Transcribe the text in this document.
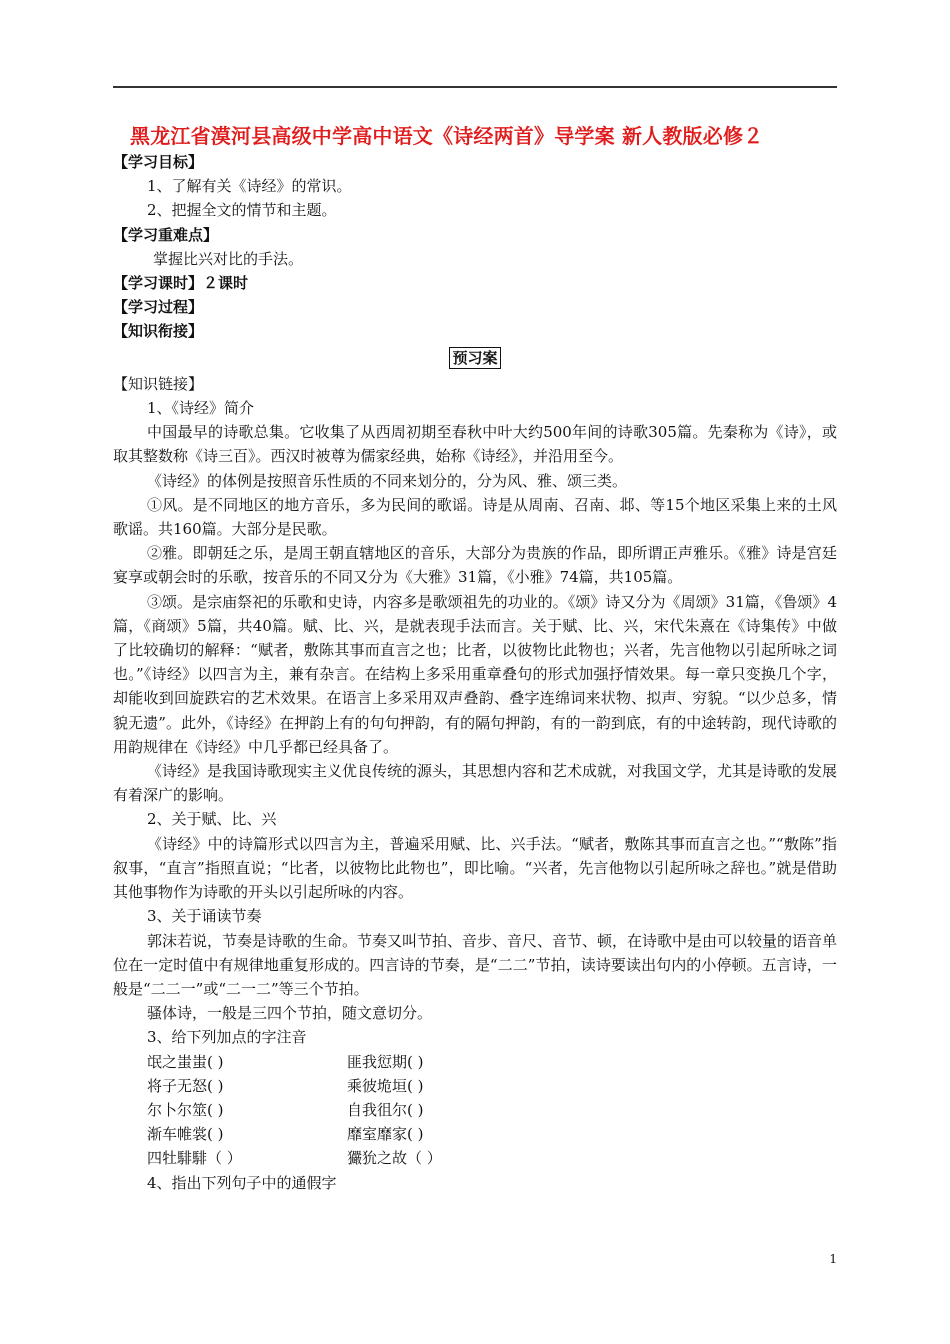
黑龙江省漠河县高级中学高中语文《诗经两首》导学案 新人教版必修２

【学习目标】

1、了解有关《诗经》的常识。

2、把握全文的情节和主题。

【学习重难点】

掌握比兴对比的手法。

【学习课时】２课时

【学习过程】

【知识衔接】

预习案

【知识链接】

1、《诗经》简介

中国最早的诗歌总集。它收集了从西周初期至春秋中叶大约500年间的诗歌305篇。先秦称为《诗》，或取其整数称《诗三百》。西汉时被尊为儒家经典，始称《诗经》，并沿用至今。

《诗经》的体例是按照音乐性质的不同来划分的，分为风、雅、颂三类。

①风。是不同地区的地方音乐，多为民间的歌谣。诗是从周南、召南、邶、等15个地区采集上来的土风歌谣。共160篇。大部分是民歌。

②雅。即朝廷之乐，是周王朝直辖地区的音乐，大部分为贵族的作品，即所谓正声雅乐。《雅》诗是宫廷宴享或朝会时的乐歌，按音乐的不同又分为《大雅》31篇，《小雅》74篇，共105篇。

③颂。是宗庙祭祀的乐歌和史诗，内容多是歌颂祖先的功业的。《颂》诗又分为《周颂》31篇，《鲁颂》4篇，《商颂》5篇，共40篇。赋、比、兴，是就表现手法而言。关于赋、比、兴，宋代朱熹在《诗集传》中做了比较确切的解释：“赋者，敷陈其事而直言之也；比者，以彼物比此物也；兴者，先言他物以引起所咏之词也。”《诗经》以四言为主，兼有杂言。在结构上多采用重章叠句的形式加强抒情效果。每一章只变换几个字，却能收到回旋跌宕的艺术效果。在语言上多采用双声叠韵、叠字连绵词来状物、拟声、穷貌。“以少总多，情貌无遗”。此外，《诗经》在押韵上有的句句押韵，有的隔句押韵，有的一韵到底，有的中途转韵，现代诗歌的用韵规律在《诗经》中几乎都已经具备了。

《诗经》是我国诗歌现实主义优良传统的源头，其思想内容和艺术成就，对我国文学，尤其是诗歌的发展有着深广的影响。

2、关于赋、比、兴

《诗经》中的诗篇形式以四言为主，普遍采用赋、比、兴手法。“赋者，敷陈其事而直言之也。”“敷陈”指叙事，“直言”指照直说；“比者，以彼物比此物也”，即比喻。“兴者，先言他物以引起所咏之辞也。”就是借助其他事物作为诗歌的开头以引起所咏的内容。

3、关于诵读节奏

郭沫若说，节奏是诗歌的生命。节奏又叫节拍、音步、音尺、音节、顿，在诗歌中是由可以较量的语音单位在一定时值中有规律地重复形成的。四言诗的节奏，是“二二”节拍，读诗要读出句内的小停顿。五言诗，一般是“二二一”或“二一二”等三个节拍。

骚体诗，一般是三四个节拍，随文意切分。

3、给下列加点的字注音

氓之蚩蚩( )	匪我愆期( )
将子无怒( )	乘彼垝垣( )
尔卜尔筮( )	自我徂尔( )
渐车帷裳( )	靡室靡家( )
四牡騑騑（ ）	玁狁之故（ ）

4、指出下列句子中的通假字

1
